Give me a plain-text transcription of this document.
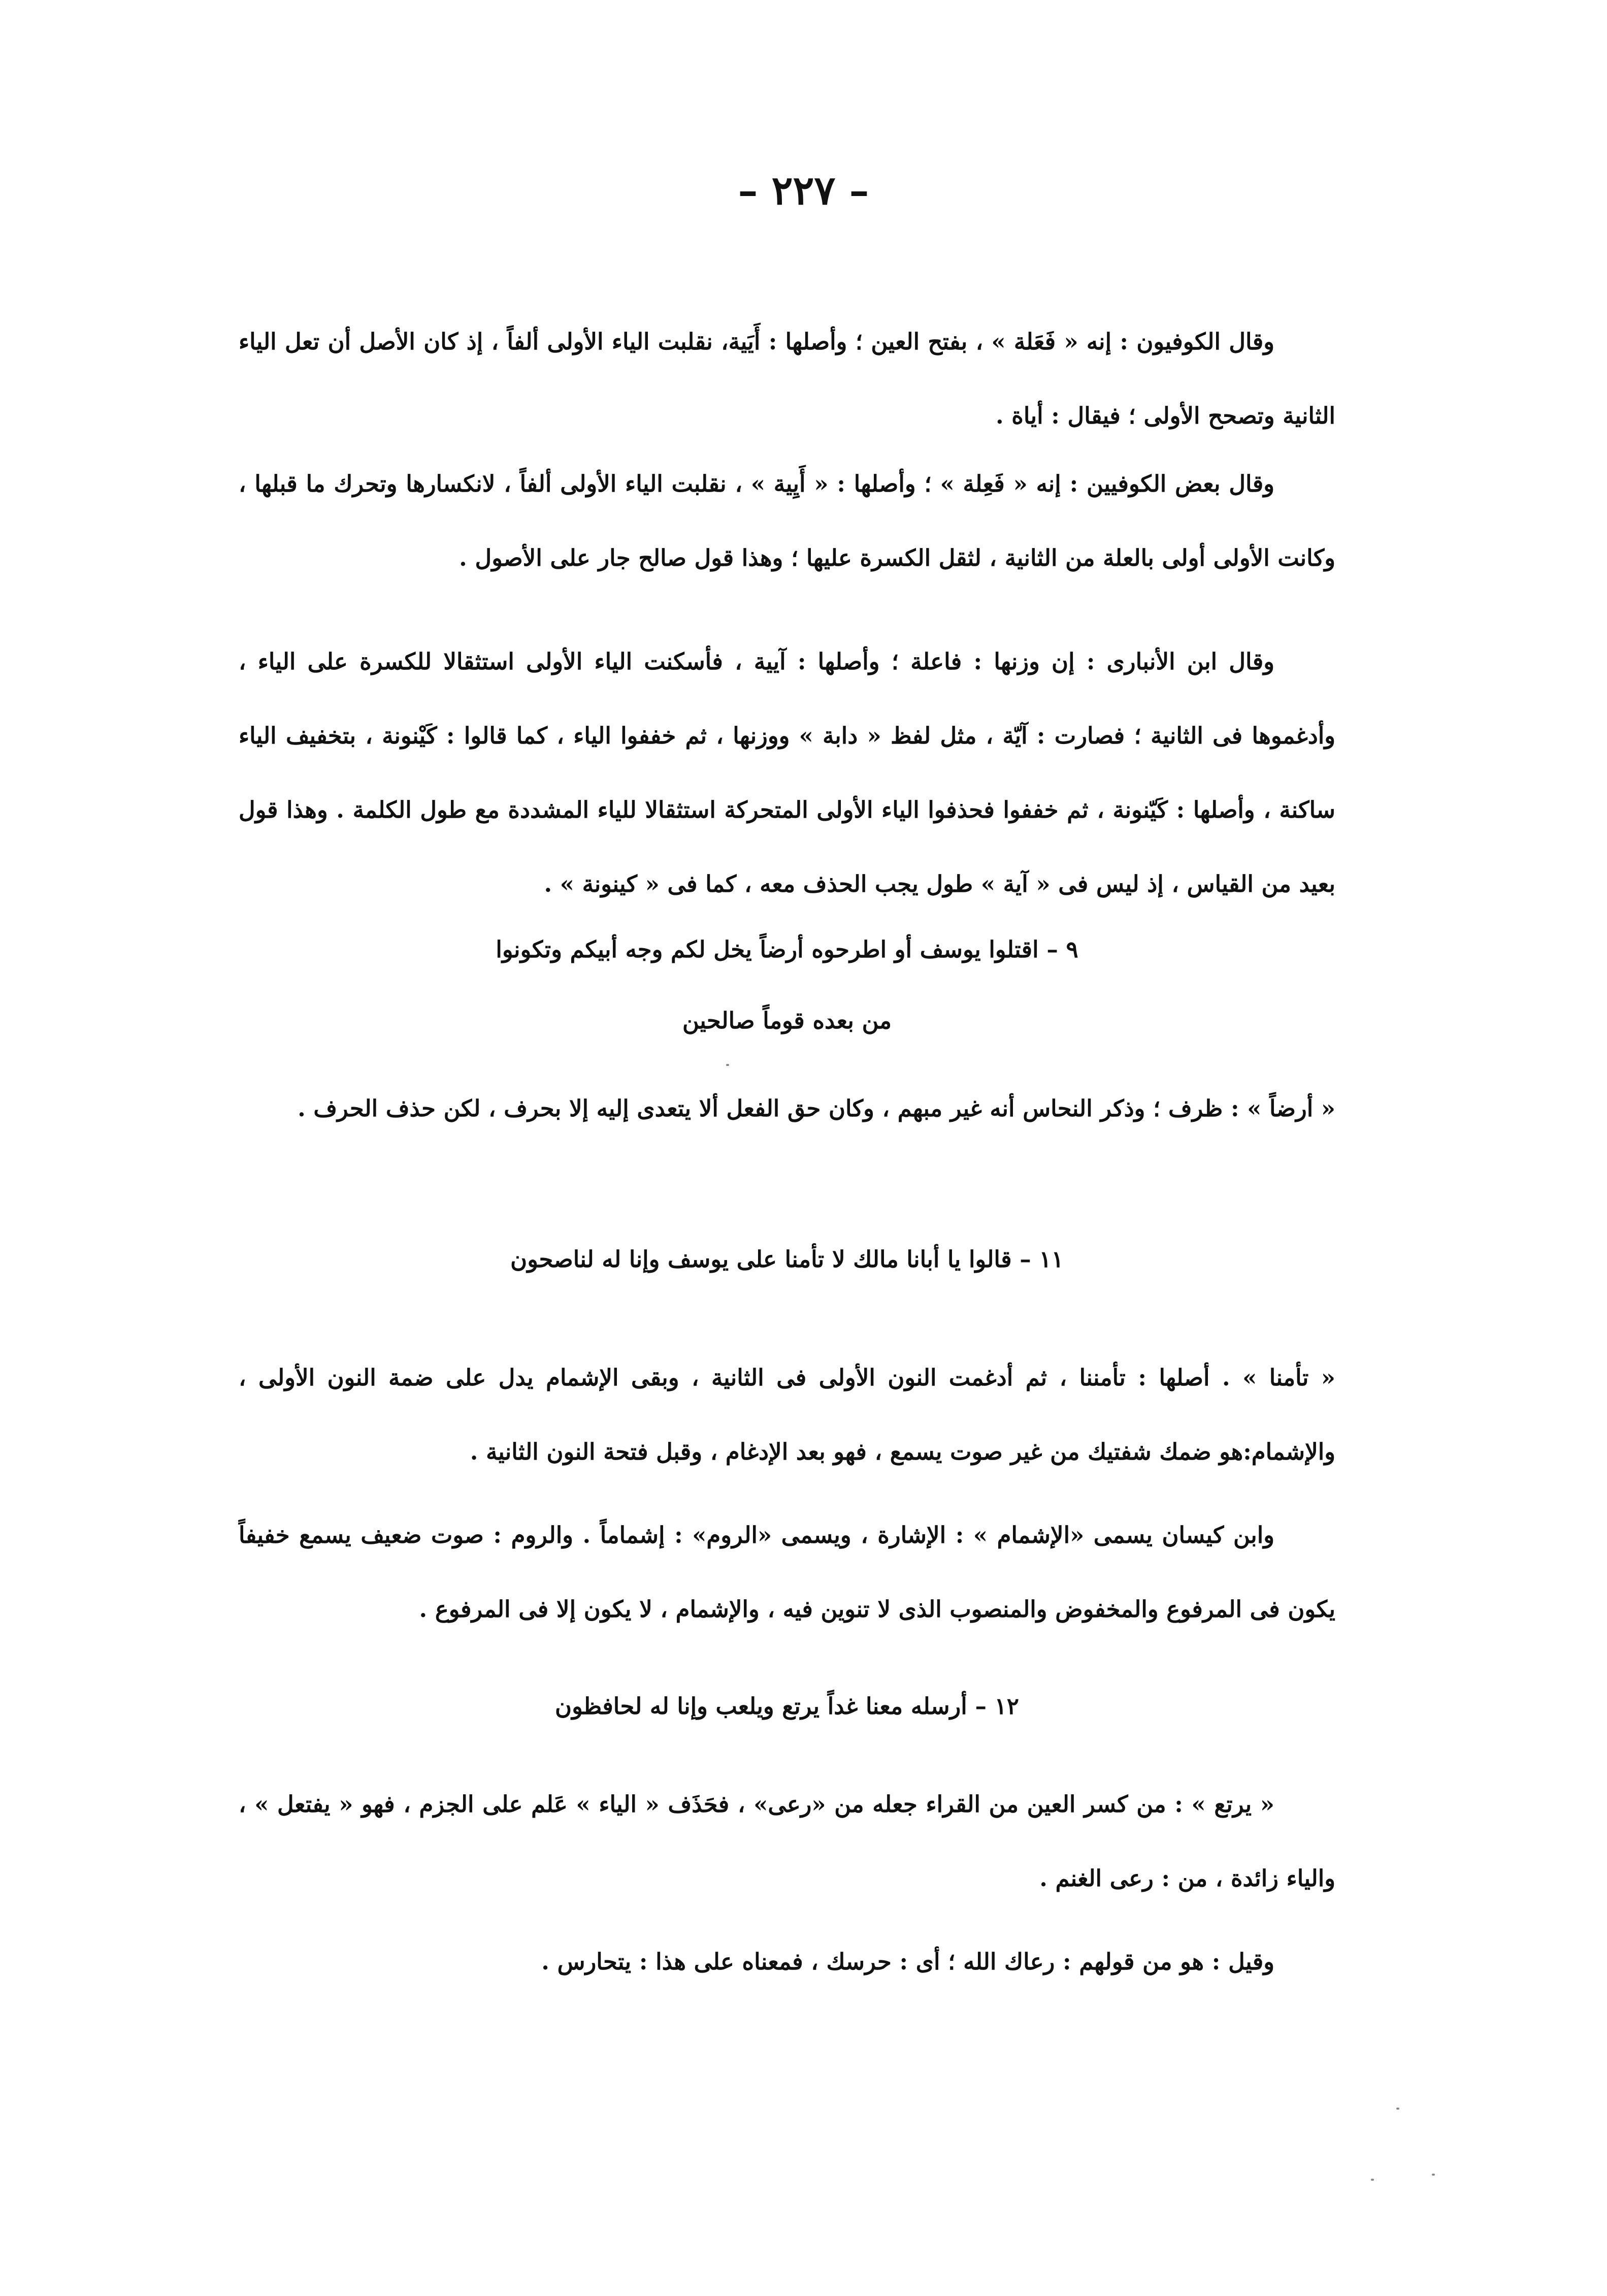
– ٢٢٧ –

وقال الكوفيون : إنه « فَعَلة » ، بفتح العين ؛ وأصلها : أَيَية، نقلبت الياء الأولى ألفاً ، إذ كان الأصل أن تعل الياء الثانية وتصحح الأولى ؛ فيقال : أياة .

وقال بعض الكوفيين : إنه « فَعِلة » ؛ وأصلها : « أَيِية » ، نقلبت الياء الأولى ألفاً ، لانكسارها وتحرك ما قبلها ، وكانت الأولى أولى بالعلة من الثانية ، لثقل الكسرة عليها ؛ وهذا قول صالح جار على الأصول .

وقال ابن الأنبارى : إن وزنها : فاعلة ؛ وأصلها : آيية ، فأسكنت الياء الأولى استثقالا للكسرة على الياء ، وأدغموها فى الثانية ؛ فصارت : آيّة ، مثل لفظ « دابة » ووزنها ، ثم خففوا الياء ، كما قالوا : كَيْنونة ، بتخفيف الياء ساكنة ، وأصلها : كَيّنونة ، ثم خففوا فحذفوا الياء الأولى المتحركة استثقالا للياء المشددة مع طول الكلمة . وهذا قول بعيد من القياس ، إذ ليس فى « آية » طول يجب الحذف معه ، كما فى « كينونة » .

٩ – اقتلوا يوسف أو اطرحوه أرضاً يخل لكم وجه أبيكم وتكونوا
من بعده قوماً صالحين

« أرضاً » : ظرف ؛ وذكر النحاس أنه غير مبهم ، وكان حق الفعل ألا يتعدى إليه إلا بحرف ، لكن حذف الحرف .

١١ – قالوا يا أبانا مالك لا تأمنا على يوسف وإنا له لناصحون

« تأمنا » . أصلها : تأمننا ، ثم أدغمت النون الأولى فى الثانية ، وبقى الإشمام يدل على ضمة النون الأولى ، والإشمام:هو ضمك شفتيك من غير صوت يسمع ، فهو بعد الإدغام ، وقبل فتحة النون الثانية .

وابن كيسان يسمى «الإشمام » : الإشارة ، ويسمى «الروم» : إشماماً . والروم : صوت ضعيف يسمع خفيفاً يكون فى المرفوع والمخفوض والمنصوب الذى لا تنوين فيه ، والإشمام ، لا يكون إلا فى المرفوع .

١٢ – أرسله معنا غداً يرتع ويلعب وإنا له لحافظون

« يرتع » : من كسر العين من القراء جعله من «رعى» ، فحَذَف « الياء » عَلم على الجزم ، فهو « يفتعل » ، والياء زائدة ، من : رعى الغنم .

وقيل : هو من قولهم : رعاك الله ؛ أى : حرسك ، فمعناه على هذا : يتحارس .
